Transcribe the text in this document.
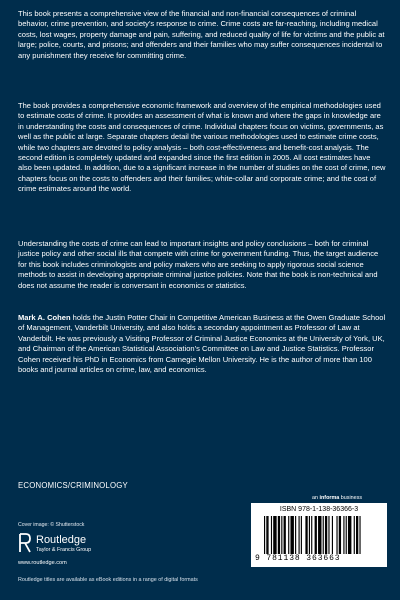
This book presents a comprehensive view of the financial and non-financial consequences of criminal behavior, crime prevention, and society’s response to crime. Crime costs are far-reaching, including medical costs, lost wages, property damage and pain, suffering, and reduced quality of life for victims and the public at large; police, courts, and prisons; and offenders and their families who may suffer consequences incidental to any punishment they receive for committing crime.

The book provides a comprehensive economic framework and overview of the empirical methodologies used to estimate costs of crime. It provides an assessment of what is known and where the gaps in knowledge are in understanding the costs and consequences of crime. Individual chapters focus on victims, governments, as well as the public at large. Separate chapters detail the various methodologies used to estimate crime costs, while two chapters are devoted to policy analysis – both cost-effectiveness and benefit-cost analysis. The second edition is completely updated and expanded since the first edition in 2005. All cost estimates have also been updated. In addition, due to a significant increase in the number of studies on the cost of crime, new chapters focus on the costs to offenders and their families; white-collar and corporate crime; and the cost of crime estimates around the world.

Understanding the costs of crime can lead to important insights and policy conclusions – both for criminal justice policy and other social ills that compete with crime for government funding. Thus, the target audience for this book includes criminologists and policy makers who are seeking to apply rigorous social science methods to assist in developing appropriate criminal justice policies. Note that the book is non-technical and does not assume the reader is conversant in economics or statistics.

Mark A. Cohen holds the Justin Potter Chair in Competitive American Business at the Owen Graduate School of Management, Vanderbilt University, and also holds a secondary appointment as Professor of Law at Vanderbilt. He was previously a Visiting Professor of Criminal Justice Economics at the University of York, UK, and Chairman of the American Statistical Association’s Committee on Law and Justice Statistics. Professor Cohen received his PhD in Economics from Carnegie Mellon University. He is the author of more than 100 books and journal articles on crime, law, and economics.

ECONOMICS/CRIMINOLOGY
Cover image: © Shutterstock
Routledge
Taylor & Francis Group
www.routledge.com
Routledge titles are available as eBook editions in a range of digital formats
an informa business
ISBN 978-1-138-36366-3
9 781138 363663
